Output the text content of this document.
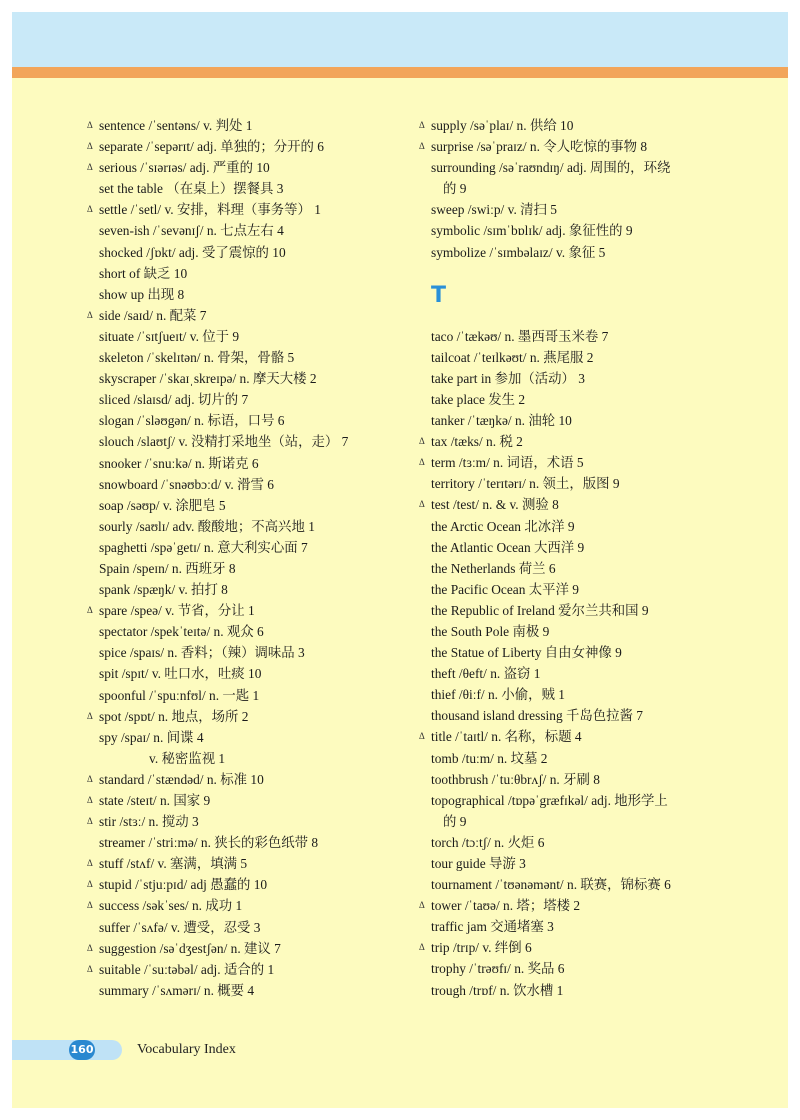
Δ sentence /ˈsentəns/ v. 判处 1
Δ separate /ˈsepərɪt/ adj. 单独的；分开的 6
Δ serious /ˈsɪərɪəs/ adj. 严重的 10
set the table （在桌上）摆餐具 3
Δ settle /ˈsetl/ v. 安排，料理（事务等） 1
seven-ish /ˈsevənɪʃ/ n. 七点左右 4
shocked /ʃɒkt/ adj. 受了震惊的 10
short of 缺乏 10
show up 出现 8
Δ side /saɪd/ n. 配菜 7
situate /ˈsɪtʃueɪt/ v. 位于 9
skeleton /ˈskelɪtən/ n. 骨架，骨骼 5
skyscraper /ˈskaɪˌskreɪpə/ n. 摩天大楼 2
sliced /slaɪsd/ adj. 切片的 7
slogan /ˈsləʊgən/ n. 标语，口号 6
slouch /slaʊtʃ/ v. 没精打采地坐（站，走） 7
snooker /ˈsnuːkə/ n. 斯诺克 6
snowboard /ˈsnəʊbɔːd/ v. 滑雪 6
soap /səʊp/ v. 涂肥皂 5
sourly /saʊlɪ/ adv. 酸酸地；不高兴地 1
spaghetti /spəˈgetɪ/ n. 意大利实心面 7
Spain /speɪn/ n. 西班牙 8
spank /spæŋk/ v. 拍打 8
Δ spare /speə/ v. 节省，分让 1
spectator /spekˈteɪtə/ n. 观众 6
spice /spaɪs/ n. 香料；（辣）调味品 3
spit /spɪt/ v. 吐口水，吐痰 10
spoonful /ˈspuːnfʊl/ n. 一匙 1
Δ spot /spɒt/ n. 地点，场所 2
spy /spaɪ/ n. 间谍 4
v. 秘密监视 1
Δ standard /ˈstændəd/ n. 标准 10
Δ state /steɪt/ n. 国家 9
Δ stir /stɜː/ n. 搅动 3
streamer /ˈstriːmə/ n. 狭长的彩色纸带 8
Δ stuff /stʌf/ v. 塞满，填满 5
Δ stupid /ˈstjuːpɪd/ adj 愚蠢的 10
Δ success /səkˈses/ n. 成功 1
suffer /ˈsʌfə/ v. 遭受，忍受 3
Δ suggestion /səˈdʒestʃən/ n. 建议 7
Δ suitable /ˈsuːtəbəl/ adj. 适合的 1
summary /ˈsʌmərɪ/ n. 概要 4
Δ supply /səˈplaɪ/ n. 供给 10
Δ surprise /səˈpraɪz/ n. 令人吃惊的事物 8
surrounding /səˈraʊndɪŋ/ adj. 周围的，环绕
的 9
sweep /swiːp/ v. 清扫 5
symbolic /sɪmˈbɒlɪk/ adj. 象征性的 9
symbolize /ˈsɪmbəlaɪz/ v. 象征 5
T
taco /ˈtækəʊ/ n. 墨西哥玉米卷 7
tailcoat /ˈteɪlkəʊt/ n. 燕尾服 2
take part in 参加（活动） 3
take place 发生 2
tanker /ˈtæŋkə/ n. 油轮 10
Δ tax /tæks/ n. 税 2
Δ term /tɜːm/ n. 词语，术语 5
territory /ˈterɪtərɪ/ n. 领土，版图 9
Δ test /test/ n. & v. 测验 8
the Arctic Ocean 北冰洋 9
the Atlantic Ocean 大西洋 9
the Netherlands 荷兰 6
the Pacific Ocean 太平洋 9
the Republic of Ireland 爱尔兰共和国 9
the South Pole 南极 9
the Statue of Liberty 自由女神像 9
theft /θeft/ n. 盗窃 1
thief /θiːf/ n. 小偷，贼 1
thousand island dressing 千岛色拉酱 7
Δ title /ˈtaɪtl/ n. 名称，标题 4
tomb /tuːm/ n. 坟墓 2
toothbrush /ˈtuːθbrʌʃ/ n. 牙刷 8
topographical /tɒpəˈgræfɪkəl/ adj. 地形学上
的 9
torch /tɔːtʃ/ n. 火炬 6
tour guide 导游 3
tournament /ˈtʊənəmənt/ n. 联赛，锦标赛 6
Δ tower /ˈtaʊə/ n. 塔；塔楼 2
traffic jam 交通堵塞 3
Δ trip /trɪp/ v. 绊倒 6
trophy /ˈtrəʊfɪ/ n. 奖品 6
trough /trɒf/ n. 饮水槽 1
160	Vocabulary Index
